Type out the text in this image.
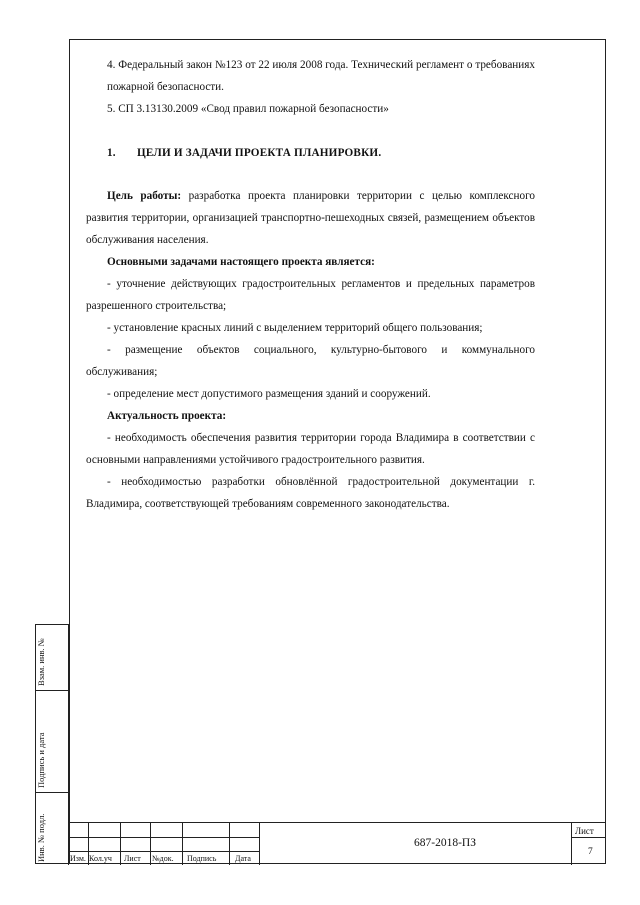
4. Федеральный закон №123 от 22 июля 2008 года. Технический регламент о требованиях пожарной безопасности.

5. СП 3.13130.2009 «Свод правил пожарной безопасности»

1. ЦЕЛИ И ЗАДАЧИ ПРОЕКТА ПЛАНИРОВКИ.

Цель работы: разработка проекта планировки территории с целью комплексного развития территории, организацией транспортно-пешеходных связей, размещением объектов обслуживания населения.

Основными задачами настоящего проекта является:

- уточнение действующих градостроительных регламентов и предельных параметров разрешенного строительства;

- установление красных линий с выделением территорий общего пользования;

- размещение объектов социального, культурно-бытового и коммунального обслуживания;

- определение мест допустимого размещения зданий и сооружений.

Актуальность проекта:

- необходимость обеспечения развития территории города Владимира в соответствии с основными направлениями устойчивого градостроительного развития.

- необходимостью разработки обновлённой градостроительной документации г. Владимира, соответствующей требованиям современного законодательства.

Взам. инв. №
Подпись и дата
Инв. № подл.	Изм. Кол.уч Лист №док. Подпись Дата
687-2018-ПЗ
Лист
7
